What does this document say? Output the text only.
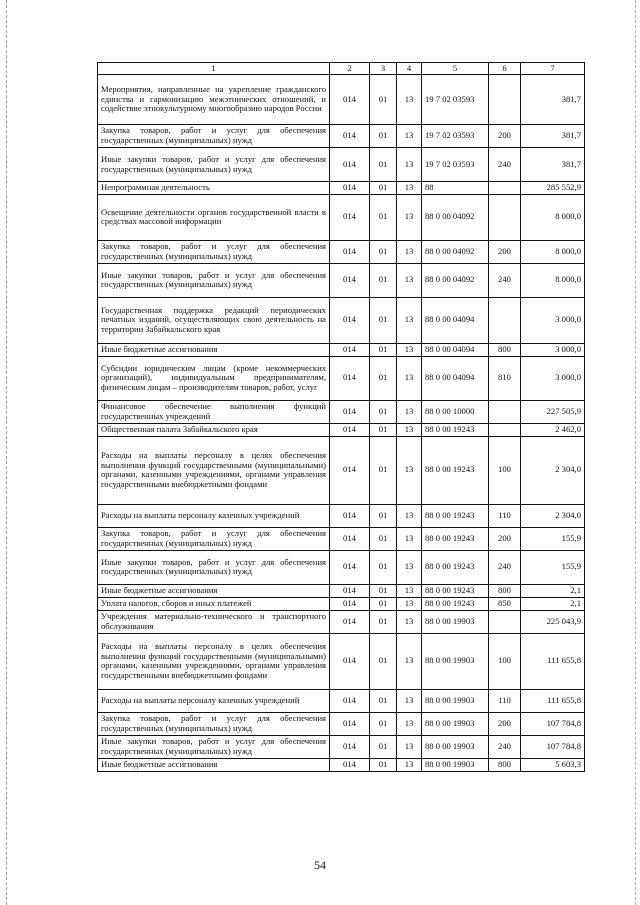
1	2	3	4	5	6	7
Мероприятия, направленные на укрепление гражданского единства и гармонизацию межэтнических отношений, и содействие этнокультурному многообразию народов России	014	01	13	19 7 02 03593		381,7
Закупка товаров, работ и услуг для обеспечения государственных (муниципальных) нужд	014	01	13	19 7 02 03593	200	381,7
Иные закупки товаров, работ и услуг для обеспечения государственных (муниципальных) нужд	014	01	13	19 7 02 03593	240	381,7
Непрограммная деятельность	014	01	13	88		285 552,9
Освещение деятельности органов государственной власти в средствах массовой информации	014	01	13	88 0 00 04092		8 000,0
Закупка товаров, работ и услуг для обеспечения государственных (муниципальных) нужд	014	01	13	88 0 00 04092	200	8 000,0
Иные закупки товаров, работ и услуг для обеспечения государственных (муниципальных) нужд	014	01	13	88 0 00 04092	240	8 000,0
Государственная поддержка редакций периодических печатных изданий, осуществляющих свою деятельность на территории Забайкальского края	014	01	13	88 0 00 04094		3 000,0
Иные бюджетные ассигнования	014	01	13	88 0 00 04094	800	3 000,0
Субсидии юридическим лицам (кроме некоммерческих организаций), индивидуальным предпринимателям, физическим лицам – производителям товаров, работ, услуг	014	01	13	88 0 00 04094	810	3 000,0
Финансовое обеспечение выполнения функций государственных учреждений	014	01	13	88 0 00 10000		227 505,9
Общественная палата Забайкальского края	014	01	13	88 0 00 19243		2 462,0
Расходы на выплаты персоналу в целях обеспечения выполнения функций государственными (муниципальными) органами, казенными учреждениями, органами управления государственными внебюджетными фондами	014	01	13	88 0 00 19243	100	2 304,0
Расходы на выплаты персоналу казенных учреждений	014	01	13	88 0 00 19243	110	2 304,0
Закупка товаров, работ и услуг для обеспечения государственных (муниципальных) нужд	014	01	13	88 0 00 19243	200	155,9
Иные закупки товаров, работ и услуг для обеспечения государственных (муниципальных) нужд	014	01	13	88 0 00 19243	240	155,9
Иные бюджетные ассигнования	014	01	13	88 0 00 19243	800	2,1
Уплата налогов, сборов и иных платежей	014	01	13	88 0 00 19243	850	2,1
Учреждения материально-технического и транспортного обслуживания	014	01	13	88 0 00 19903		225 043,9
Расходы на выплаты персоналу в целях обеспечения выполнения функций государственными (муниципальными) органами, казенными учреждениями, органами управления государственными внебюджетными фондами	014	01	13	88 0 00 19903	100	111 655,8
Расходы на выплаты персоналу казенных учреждений	014	01	13	88 0 00 19903	110	111 655,8
Закупка товаров, работ и услуг для обеспечения государственных (муниципальных) нужд	014	01	13	88 0 00 19903	200	107 784,8
Иные закупки товаров, работ и услуг для обеспечения государственных (муниципальных) нужд	014	01	13	88 0 00 19903	240	107 784,8
Иные бюджетные ассигнования	014	01	13	88 0 00 19903	800	5 603,3
54
